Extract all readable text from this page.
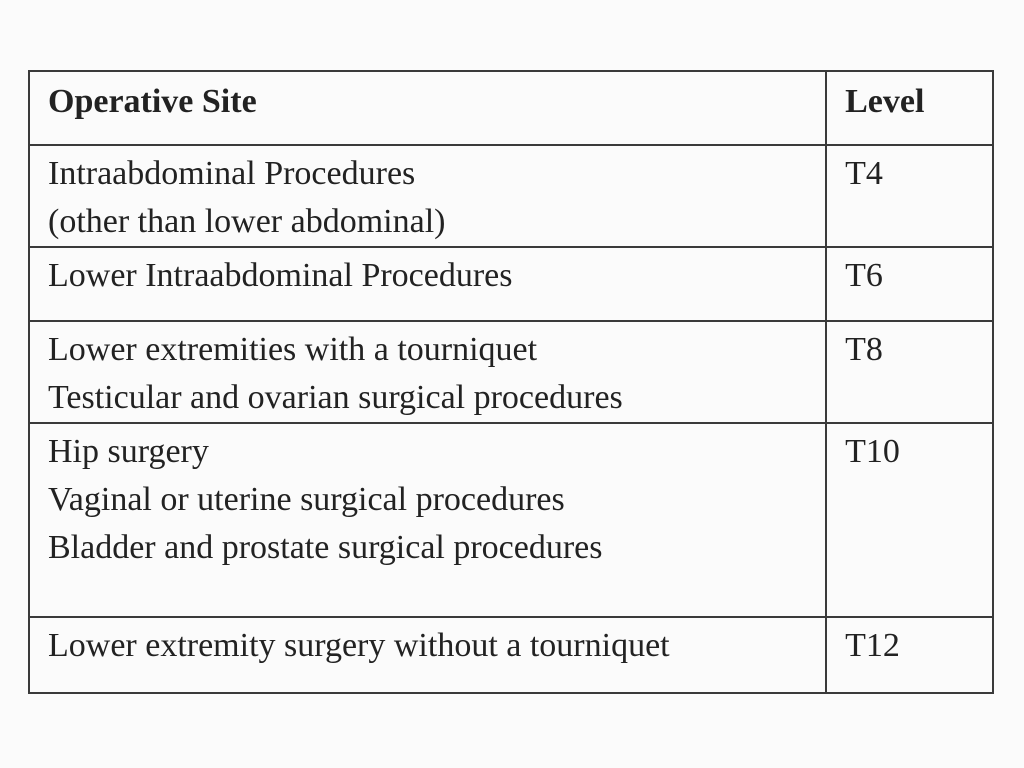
Operative Site	Level

Intraabdominal Procedures
(other than lower abdominal)	T4

Lower Intraabdominal Procedures	T6

Lower extremities with a tourniquet
Testicular and ovarian surgical procedures	T8

Hip surgery
Vaginal or uterine surgical procedures
Bladder and prostate surgical procedures	T10

Lower extremity surgery without a tourniquet	T12
